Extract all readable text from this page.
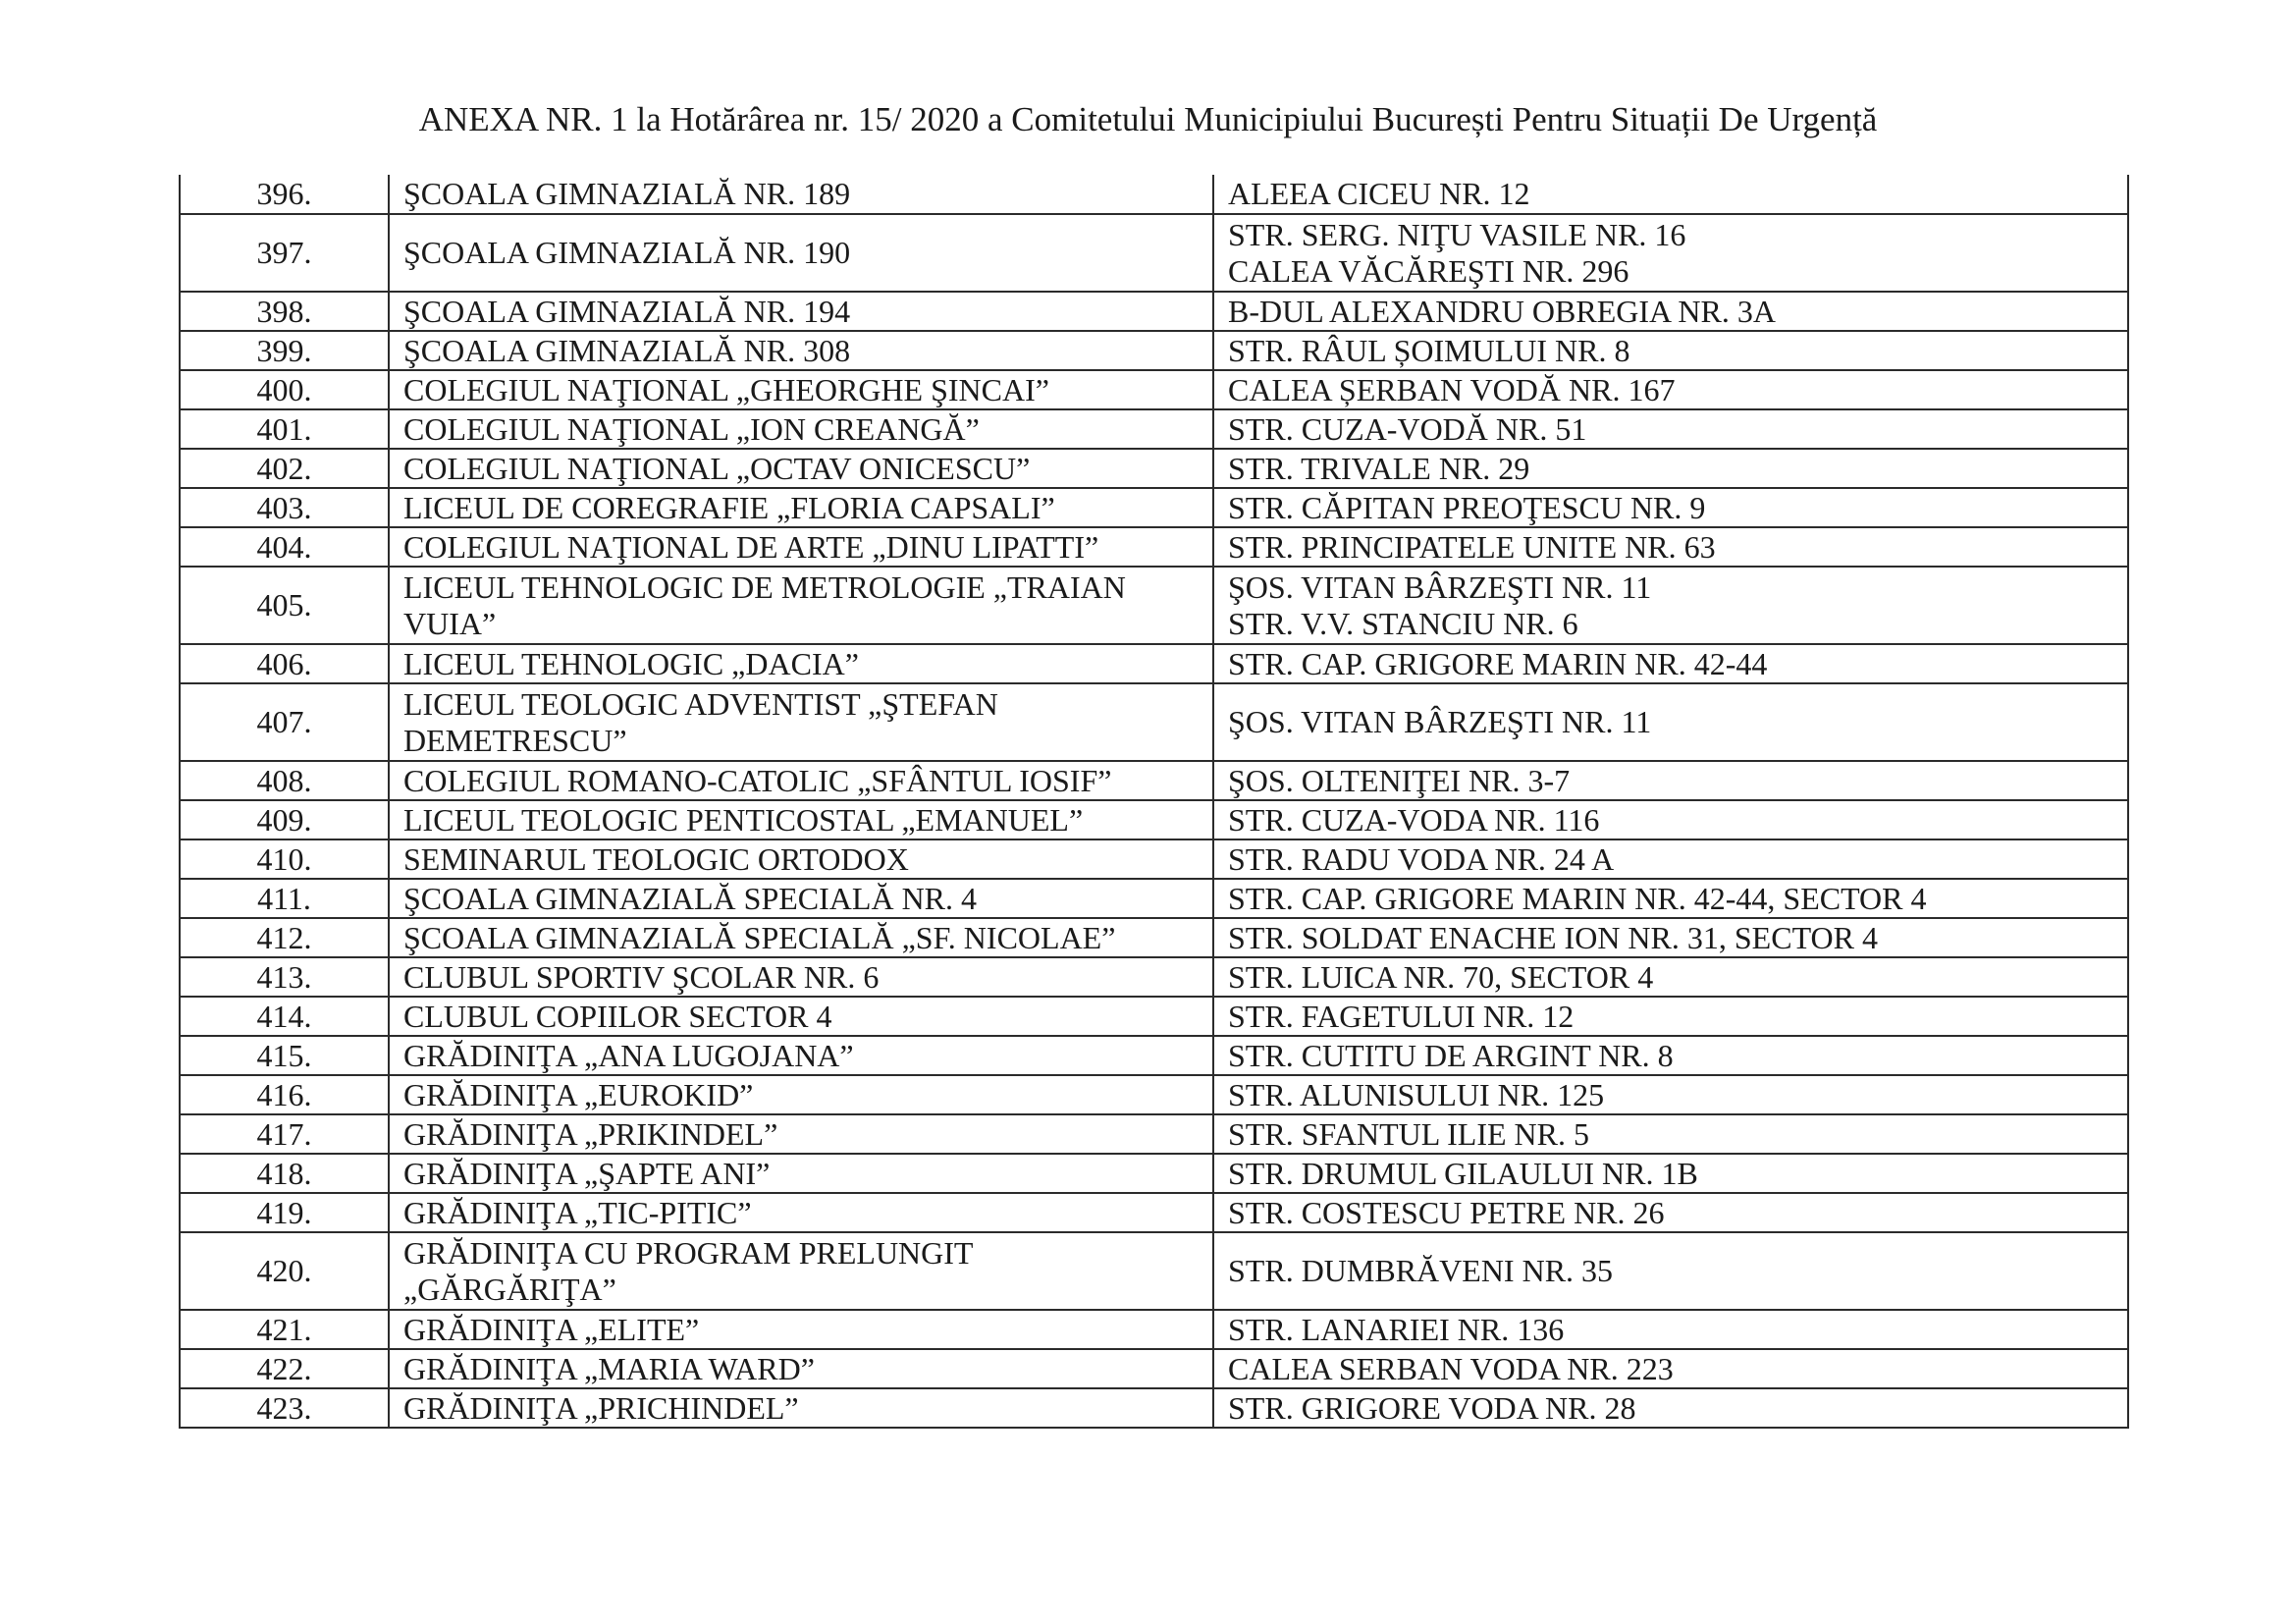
ANEXA NR. 1 la Hotărârea nr. 15/ 2020 a Comitetului Municipiului București Pentru Situații De Urgență
396.	ŞCOALA GIMNAZIALĂ NR. 189	ALEEA CICEU NR. 12

397.	ŞCOALA GIMNAZIALĂ NR. 190	STR. SERG. NIŢU VASILE NR. 16
CALEA VĂCĂREŞTI NR. 296

398.	ŞCOALA GIMNAZIALĂ NR. 194	B-DUL ALEXANDRU OBREGIA NR. 3A

399.	ŞCOALA GIMNAZIALĂ NR. 308	STR. RÂUL ȘOIMULUI NR. 8

400.	COLEGIUL NAŢIONAL „GHEORGHE ŞINCAI”	CALEA ȘERBAN VODĂ NR. 167

401.	COLEGIUL NAŢIONAL „ION CREANGĂ”	STR. CUZA-VODĂ NR. 51

402.	COLEGIUL NAŢIONAL „OCTAV ONICESCU”	STR. TRIVALE NR. 29

403.	LICEUL DE COREGRAFIE „FLORIA CAPSALI”	STR. CĂPITAN PREOŢESCU NR. 9

404.	COLEGIUL NAŢIONAL DE ARTE „DINU LIPATTI”	STR. PRINCIPATELE UNITE NR. 63

405.	LICEUL TEHNOLOGIC DE METROLOGIE „TRAIAN
VUIA”	ŞOS. VITAN BÂRZEŞTI NR. 11
STR. V.V. STANCIU NR. 6

406.	LICEUL TEHNOLOGIC „DACIA”	STR. CAP. GRIGORE MARIN NR. 42-44

407.	LICEUL TEOLOGIC ADVENTIST „ŞTEFAN
DEMETRESCU”	ŞOS. VITAN BÂRZEŞTI NR. 11

408.	COLEGIUL ROMANO-CATOLIC „SFÂNTUL IOSIF”	ŞOS. OLTENIŢEI NR. 3-7

409.	LICEUL TEOLOGIC PENTICOSTAL „EMANUEL”	STR. CUZA-VODA NR. 116

410.	SEMINARUL TEOLOGIC ORTODOX	STR. RADU VODA NR. 24 A

411.	ŞCOALA GIMNAZIALĂ SPECIALĂ NR. 4	STR. CAP. GRIGORE MARIN NR. 42-44, SECTOR 4

412.	ŞCOALA GIMNAZIALĂ SPECIALĂ „SF. NICOLAE”	STR. SOLDAT ENACHE ION NR. 31, SECTOR 4

413.	CLUBUL SPORTIV ŞCOLAR NR. 6	STR. LUICA NR. 70, SECTOR 4

414.	CLUBUL COPIILOR SECTOR 4	STR. FAGETULUI NR. 12

415.	GRĂDINIŢA „ANA LUGOJANA”	STR. CUTITU DE ARGINT NR. 8

416.	GRĂDINIŢA „EUROKID”	STR. ALUNISULUI NR. 125

417.	GRĂDINIŢA „PRIKINDEL”	STR. SFANTUL ILIE NR. 5

418.	GRĂDINIŢA „ŞAPTE ANI”	STR. DRUMUL GILAULUI NR. 1B

419.	GRĂDINIŢA „TIC-PITIC”	STR. COSTESCU PETRE NR. 26

420.	GRĂDINIŢA CU PROGRAM PRELUNGIT
„GĂRGĂRIŢA”	STR. DUMBRĂVENI NR. 35

421.	GRĂDINIŢA „ELITE”	STR. LANARIEI NR. 136

422.	GRĂDINIŢA „MARIA WARD”	CALEA SERBAN VODA NR. 223

423.	GRĂDINIŢA „PRICHINDEL”	STR. GRIGORE VODA NR. 28
